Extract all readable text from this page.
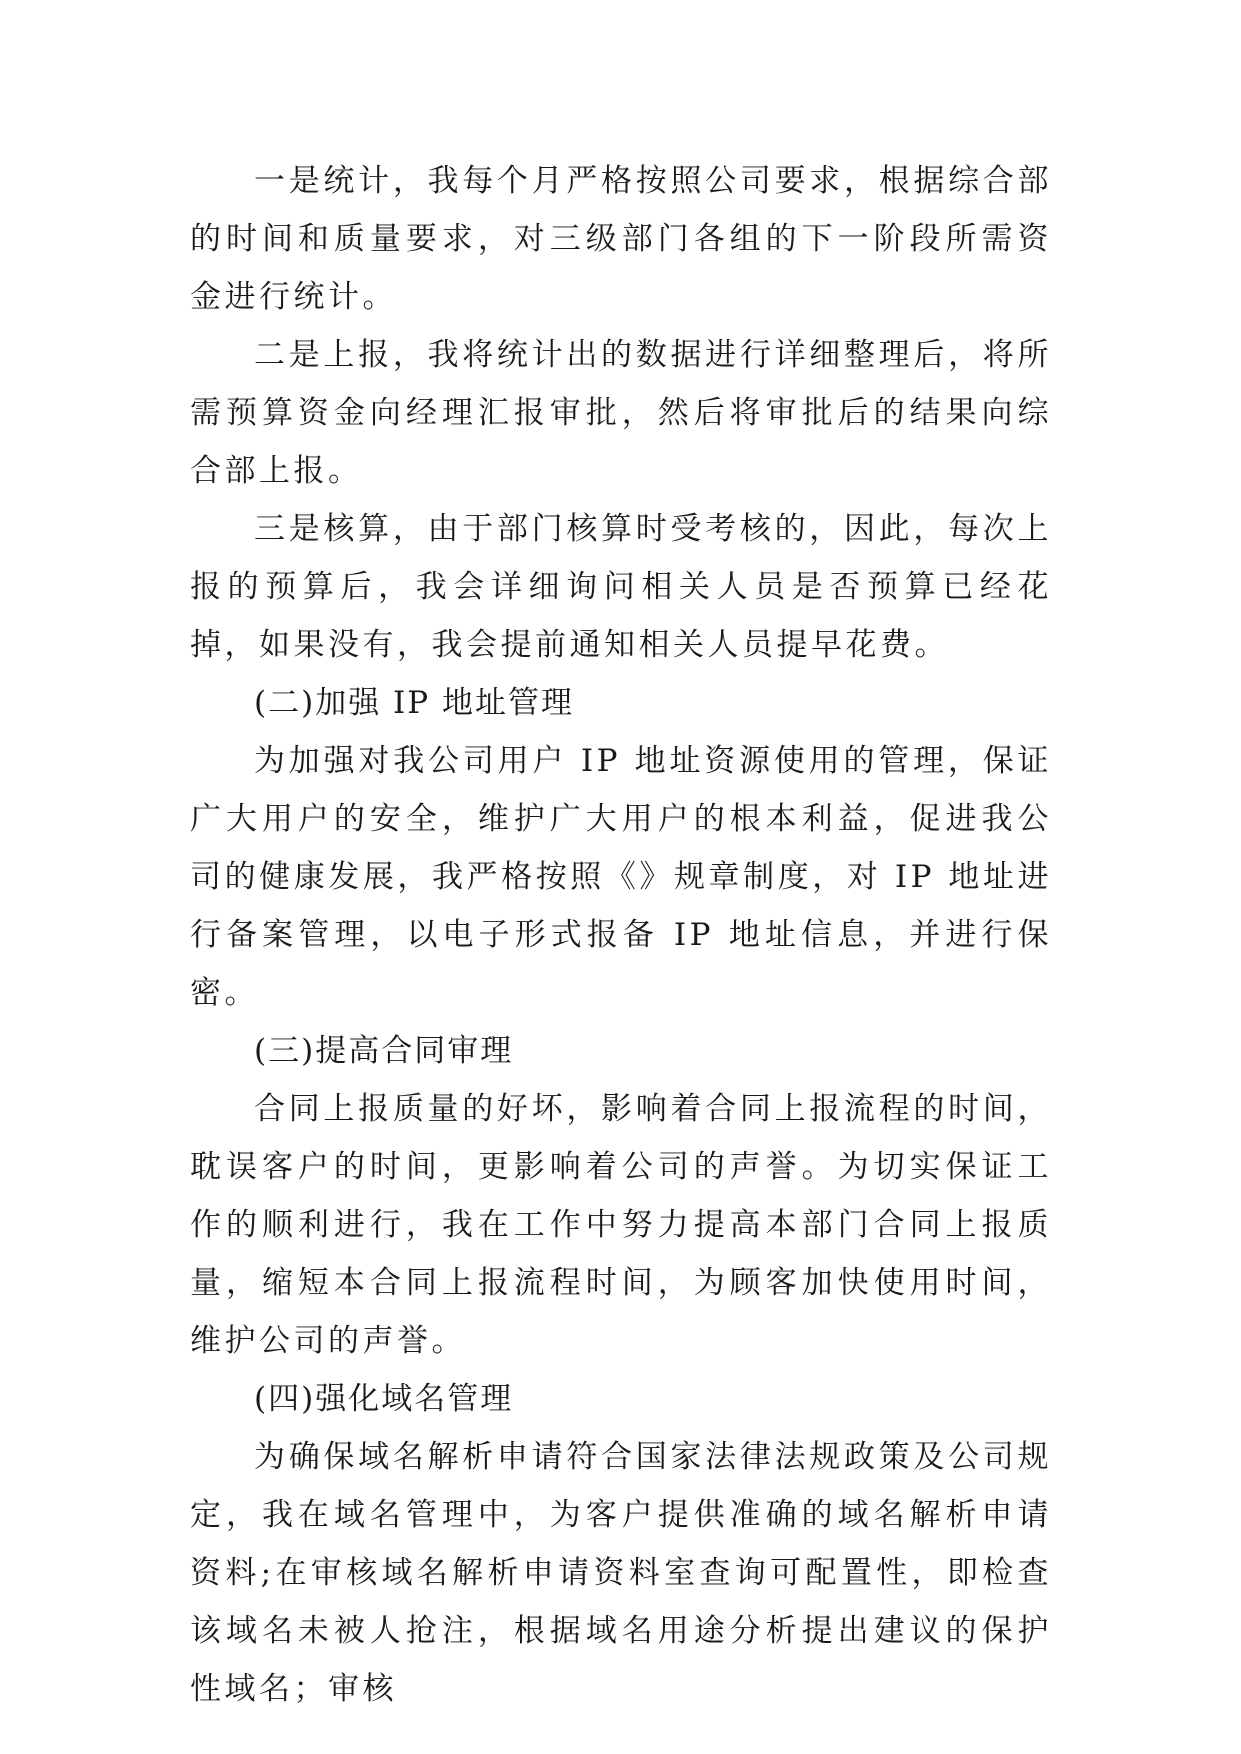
一是统计，我每个月严格按照公司要求，根据综合部的时间和质量要求，对三级部门各组的下一阶段所需资金进行统计。

二是上报，我将统计出的数据进行详细整理后，将所需预算资金向经理汇报审批，然后将审批后的结果向综合部上报。

三是核算，由于部门核算时受考核的，因此，每次上报的预算后，我会详细询问相关人员是否预算已经花掉，如果没有，我会提前通知相关人员提早花费。

(二)加强 IP 地址管理

为加强对我公司用户 IP 地址资源使用的管理，保证广大用户的安全，维护广大用户的根本利益，促进我公司的健康发展，我严格按照《》规章制度，对 IP 地址进行备案管理，以电子形式报备 IP 地址信息，并进行保密。

(三)提高合同审理

合同上报质量的好坏，影响着合同上报流程的时间，耽误客户的时间，更影响着公司的声誉。为切实保证工作的顺利进行，我在工作中努力提高本部门合同上报质量，缩短本合同上报流程时间，为顾客加快使用时间，维护公司的声誉。

(四)强化域名管理

为确保域名解析申请符合国家法律法规政策及公司规定，我在域名管理中，为客户提供准确的域名解析申请资料;在审核域名解析申请资料室查询可配置性，即检查该域名未被人抢注，根据域名用途分析提出建议的保护性域名；审核
